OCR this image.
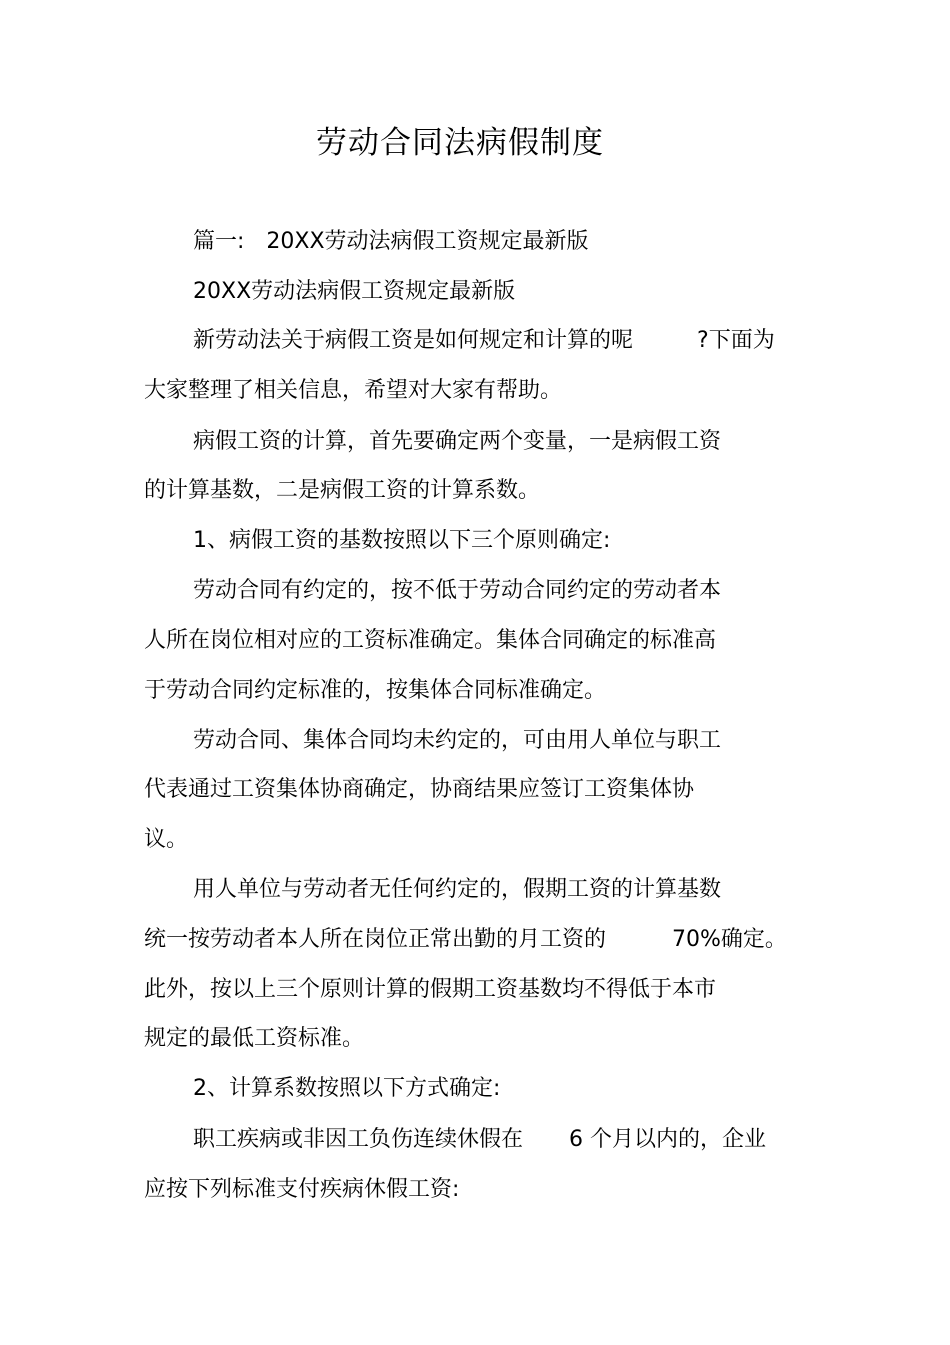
劳动合同法病假制度
篇一: 20XX劳动法病假工资规定最新版
20XX劳动法病假工资规定最新版
新劳动法关于病假工资是如何规定和计算的呢	?下面为
大家整理了相关信息，希望对大家有帮助。
病假工资的计算，首先要确定两个变量，一是病假工资
的计算基数，二是病假工资的计算系数。
1、病假工资的基数按照以下三个原则确定:
劳动合同有约定的，按不低于劳动合同约定的劳动者本
人所在岗位相对应的工资标准确定。集体合同确定的标准高
于劳动合同约定标准的，按集体合同标准确定。
劳动合同、集体合同均未约定的，可由用人单位与职工
代表通过工资集体协商确定，协商结果应签订工资集体协
议。
用人单位与劳动者无任何约定的，假期工资的计算基数
统一按劳动者本人所在岗位正常出勤的月工资的	70%确定。
此外，按以上三个原则计算的假期工资基数均不得低于本市
规定的最低工资标准。
2、计算系数按照以下方式确定:
职工疾病或非因工负伤连续休假在 6 个月以内的，企业
应按下列标准支付疾病休假工资:
